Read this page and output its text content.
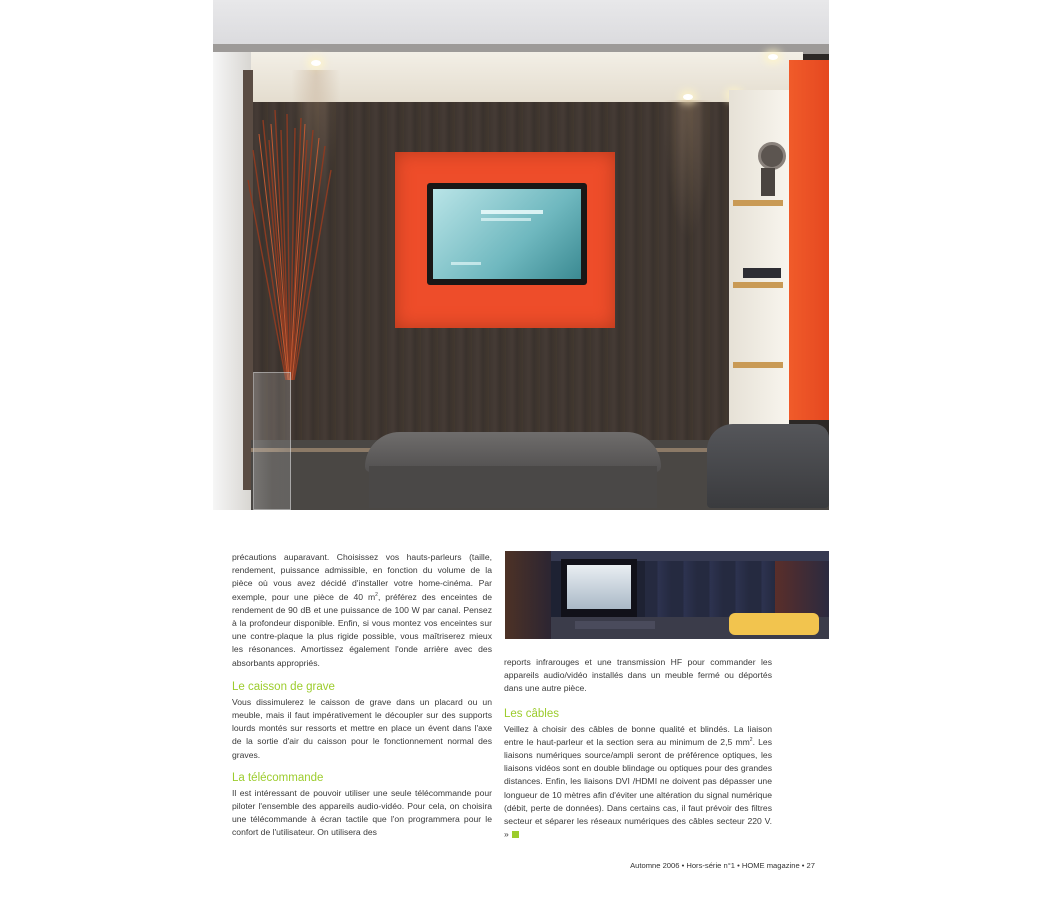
précautions auparavant. Choisissez vos hauts-parleurs (taille, rendement, puissance admissible, en fonction du volume de la pièce où vous avez décidé d'installer votre home-cinéma. Par exemple, pour une pièce de 40 $m^2$, préférez des enceintes de rendement de 90 dB et une puissance de 100 W par canal. Pensez à la profondeur disponible. Enfin, si vous montez vos enceintes sur une contre-plaque la plus rigide possible, vous maîtriserez mieux les résonances. Amortissez également l'onde arrière avec des absorbants appropriés.

Le caisson de grave

Vous dissimulerez le caisson de grave dans un placard ou un meuble, mais il faut impérativement le découpler sur des supports lourds montés sur ressorts et mettre en place un évent dans l'axe de la sortie d'air du caisson pour le fonctionnement normal des graves.

La télécommande

Il est intéressant de pouvoir utiliser une seule télécommande pour piloter l'ensemble des appareils audio-vidéo. Pour cela, on choisira une télécommande à écran tactile que l'on programmera pour le confort de l'utilisateur. On utilisera des

reports infrarouges et une transmission HF pour commander les appareils audio/vidéo installés dans un meuble fermé ou déportés dans une autre pièce.

Les câbles

Veillez à choisir des câbles de bonne qualité et blindés. La liaison entre le haut-parleur et la section sera au minimum de 2,5 $mm^2$. Les liaisons numériques source/ampli seront de préférence optiques, les liaisons vidéos sont en double blindage ou optiques pour des grandes distances. Enfin, les liaisons DVI /HDMI ne doivent pas dépasser une longueur de 10 mètres afin d'éviter une altération du signal numérique (débit, perte de données). Dans certains cas, il faut prévoir des filtres secteur et séparer les réseaux numériques des câbles secteur 220 V. »

Automne 2006 • Hors-série n°1 • HOME magazine • 27
